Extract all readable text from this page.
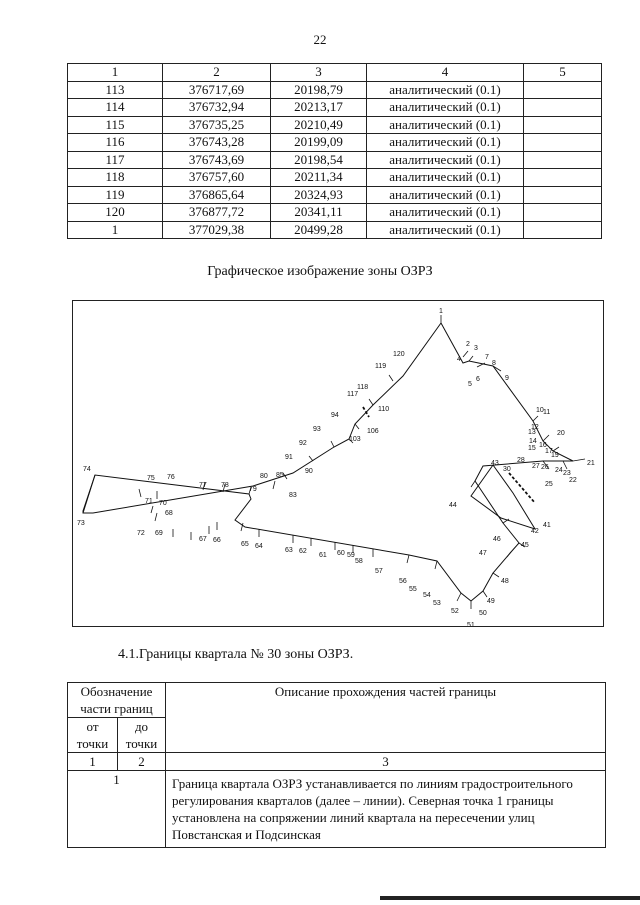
22
1	2	3	4	5
113	376717,69	20198,79	аналитический (0.1)	
114	376732,94	20213,17	аналитический (0.1)	
115	376735,25	20210,49	аналитический (0.1)	
116	376743,28	20199,09	аналитический (0.1)	
117	376743,69	20198,54	аналитический (0.1)	
118	376757,60	20211,34	аналитический (0.1)	
119	376865,64	20324,93	аналитический (0.1)	
120	376877,72	20341,11	аналитический (0.1)	
1	377029,38	20499,28	аналитический (0.1)	
Графическое изображение зоны ОЗРЗ
1
2
3
4
5
6
7
8
9
10 11
12
13
14
15 16
17
19
20
21
22
23
24
25
26
27
28
30
41
42
43
44
45
46
47
48
49
50
51
52
53
54
55
56
57
58
59
60
61
62
63
64
65
66
67
68
69
70
71
72
73
74
75 76
77 78
79
80
83
85
90
91
92
93
94
103
106
110
117
118
119
120
4.1.Границы квартала № 30 зоны ОЗРЗ.
Обозначение части границ		Описание прохождения частей границы
от точки	до точки	
1	2	3
1		Граница квартала ОЗРЗ устанавливается по линиям градостроительного регулирования кварталов (далее – линии). Северная точка 1 границы установлена на сопряжении линий квартала на пересечении улиц Повстанская и Подсинская
